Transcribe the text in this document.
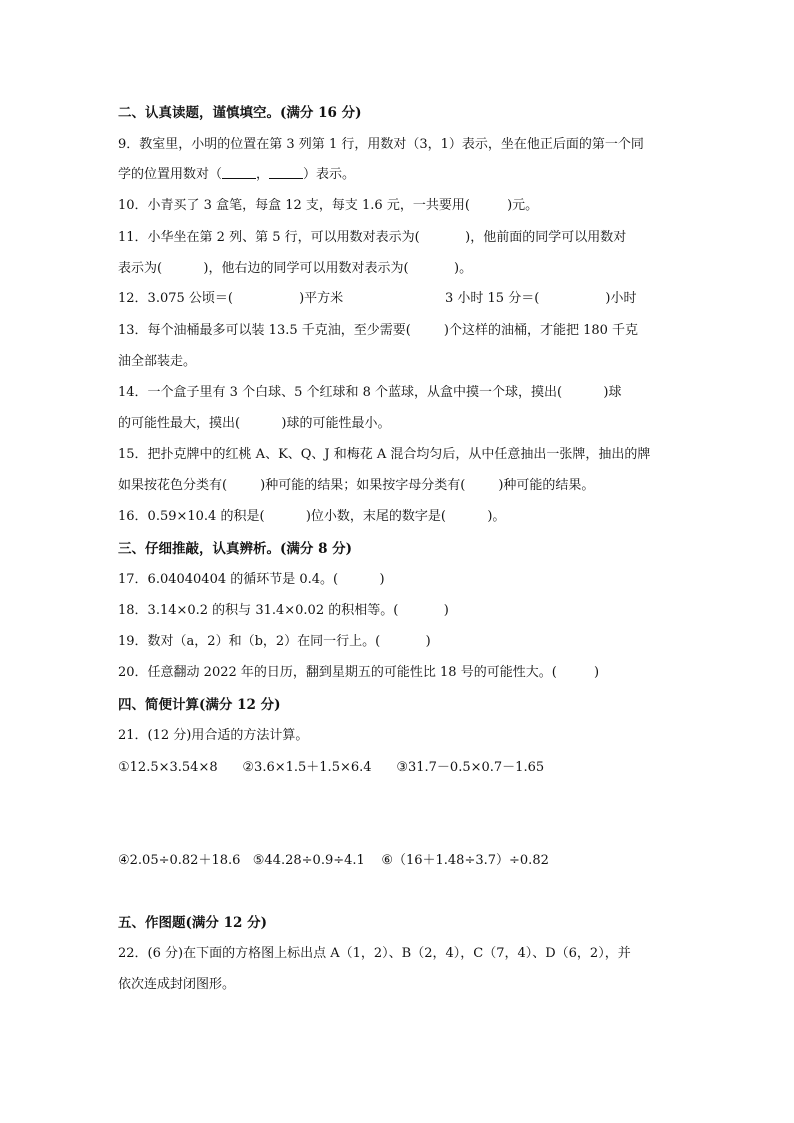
二、认真读题，谨慎填空。(满分 16 分)
9．教室里，小明的位置在第 3 列第 1 行，用数对（3，1）表示，坐在他正后面的第一个同
学的位置用数对（	，	）表示。
10．小青买了 3 盒笔，每盒 12 支，每支 1.6 元，一共要用(         )元。
11．小华坐在第 2 列、第 5 行，可以用数对表示为(           )，他前面的同学可以用数对
表示为(          )，他右边的同学可以用数对表示为(           )。
12．3.075 公顷＝(                )平方米	3 小时 15 分＝(                )小时
13．每个油桶最多可以装 13.5 千克油，至少需要(        )个这样的油桶，才能把 180 千克
油全部装走。
14．一个盒子里有 3 个白球、5 个红球和 8 个蓝球，从盒中摸一个球，摸出(          )球
的可能性最大，摸出(          )球的可能性最小。
15．把扑克牌中的红桃 A、K、Q、J 和梅花 A 混合均匀后，从中任意抽出一张牌，抽出的牌
如果按花色分类有(        )种可能的结果；如果按字母分类有(        )种可能的结果。
16．0.59×10.4 的积是(          )位小数，末尾的数字是(          )。
三、仔细推敲，认真辨析。(满分 8 分)
17．6.04040404 的循环节是 0.4。(          )
18．3.14×0.2 的积与 31.4×0.02 的积相等。(           )
19．数对（a，2）和（b，2）在同一行上。(           )
20．任意翻动 2022 年的日历，翻到星期五的可能性比 18 号的可能性大。(         )
四、简便计算(满分 12 分)
21．(12 分)用合适的方法计算。
①12.5×3.54×8      ②3.6×1.5＋1.5×6.4      ③31.7－0.5×0.7－1.65
④2.05÷0.82＋18.6   ⑤44.28÷0.9÷4.1    ⑥（16＋1.48÷3.7）÷0.82
五、作图题(满分 12 分)
22．(6 分)在下面的方格图上标出点 A（1，2）、B（2，4），C（7，4）、D（6，2），并
依次连成封闭图形。
